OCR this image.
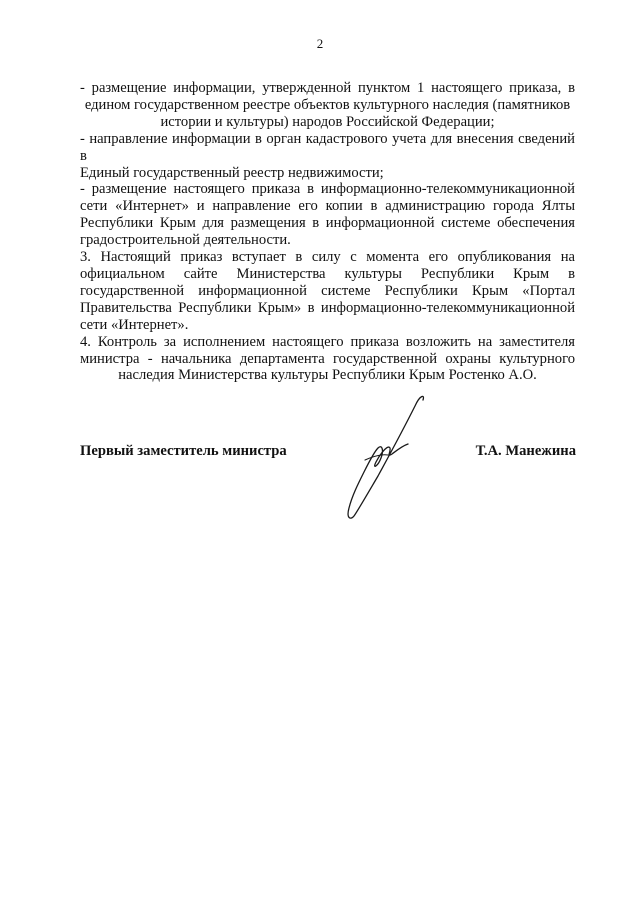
2

- размещение информации, утвержденной пунктом 1 настоящего приказа, в

едином государственном реестре объектов культурного наследия (памятников

истории и культуры) народов Российской Федерации;

- направление информации в орган кадастрового учета для внесения сведений в

Единый государственный реестр недвижимости;

- размещение настоящего приказа в информационно-телекоммуникационной

сети «Интернет» и направление его копии в администрацию города Ялты

Республики Крым для размещения в информационной системе обеспечения

градостроительной деятельности.

3. Настоящий приказ вступает в силу с момента его опубликования на

официальном сайте Министерства культуры Республики Крым в

государственной информационной системе Республики Крым «Портал

Правительства Республики Крым» в информационно-телекоммуникационной

сети «Интернет».

4. Контроль за исполнением настоящего приказа возложить на заместителя

министра - начальника департамента государственной охраны культурного

наследия Министерства культуры Республики Крым Ростенко А.О.

Первый заместитель министра	Т.А. Манежина
